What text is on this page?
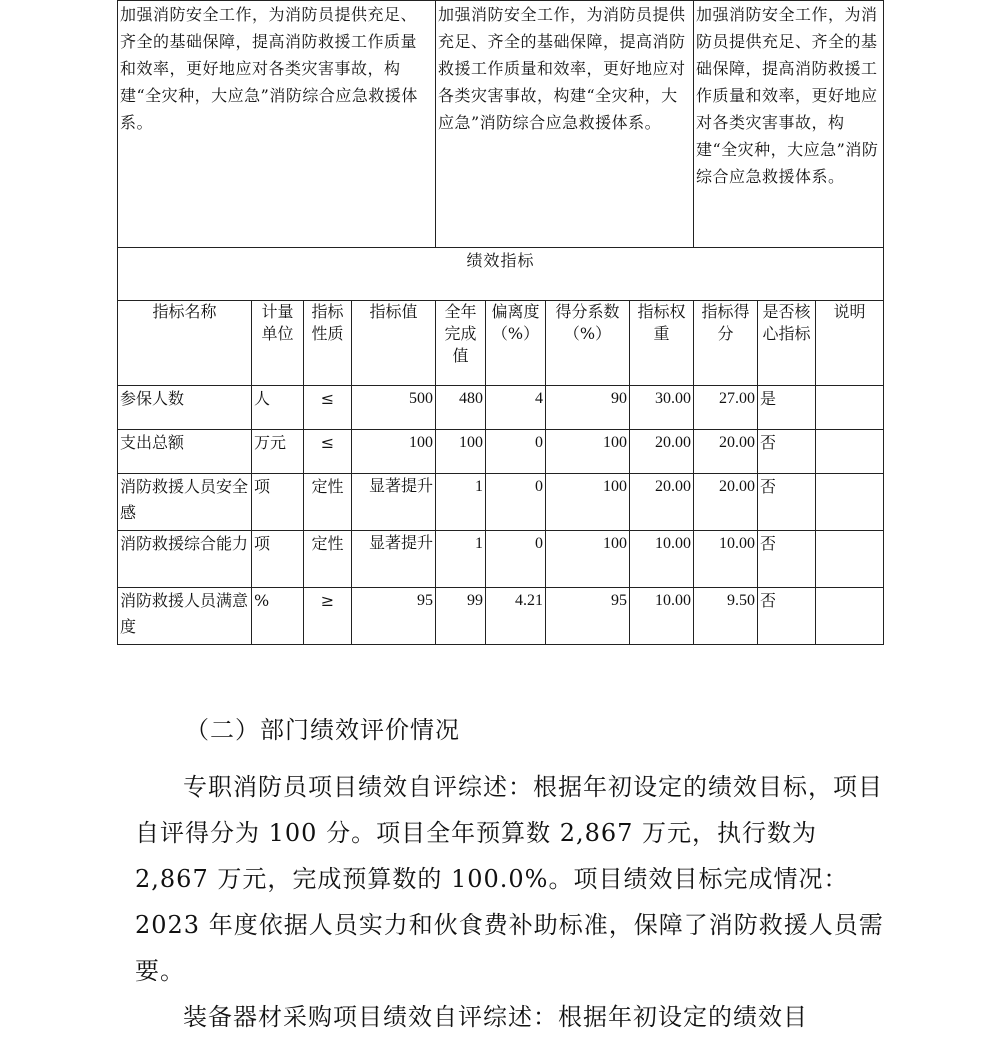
加强消防安全工作，为消防员提供充足、齐全的基础保障，提高消防救援工作质量和效率，更好地应对各类灾害事故，构建“全灾种，大应急”消防综合应急救援体系。				加强消防安全工作，为消防员提供充足、齐全的基础保障，提高消防救援工作质量和效率，更好地应对各类灾害事故，构建“全灾种，大应急”消防综合应急救援体系。				加强消防安全工作，为消防员提供充足、齐全的基础保障，提高消防救援工作质量和效率，更好地应对各类灾害事故，构建“全灾种，大应急”消防综合应急救援体系。		

绩效指标										
指标名称	计量单位	指标性质	指标值	全年完成值	偏离度（%）	得分系数（%）	指标权重	指标得分	是否核心指标	说明
参保人数	人	≤	500	480	4	90	30.00	27.00	是	
支出总额	万元	≤	100	100	0	100	20.00	20.00	否	
消防救援人员安全感	项	定性	显著提升	1	0	100	20.00	20.00	否	
消防救援综合能力	项	定性	显著提升	1	0	100	10.00	10.00	否	
消防救援人员满意度	%	≥	95	99	4.21	95	10.00	9.50	否	
（二）部门绩效评价情况

专职消防员项目绩效自评综述：根据年初设定的绩效目标，项目自评得分为 100 分。项目全年预算数 2,867 万元，执行数为 2,867 万元，完成预算数的 100.0%。项目绩效目标完成情况：2023 年度依据人员实力和伙食费补助标准，保障了消防救援人员需要。

装备器材采购项目绩效自评综述：根据年初设定的绩效目
